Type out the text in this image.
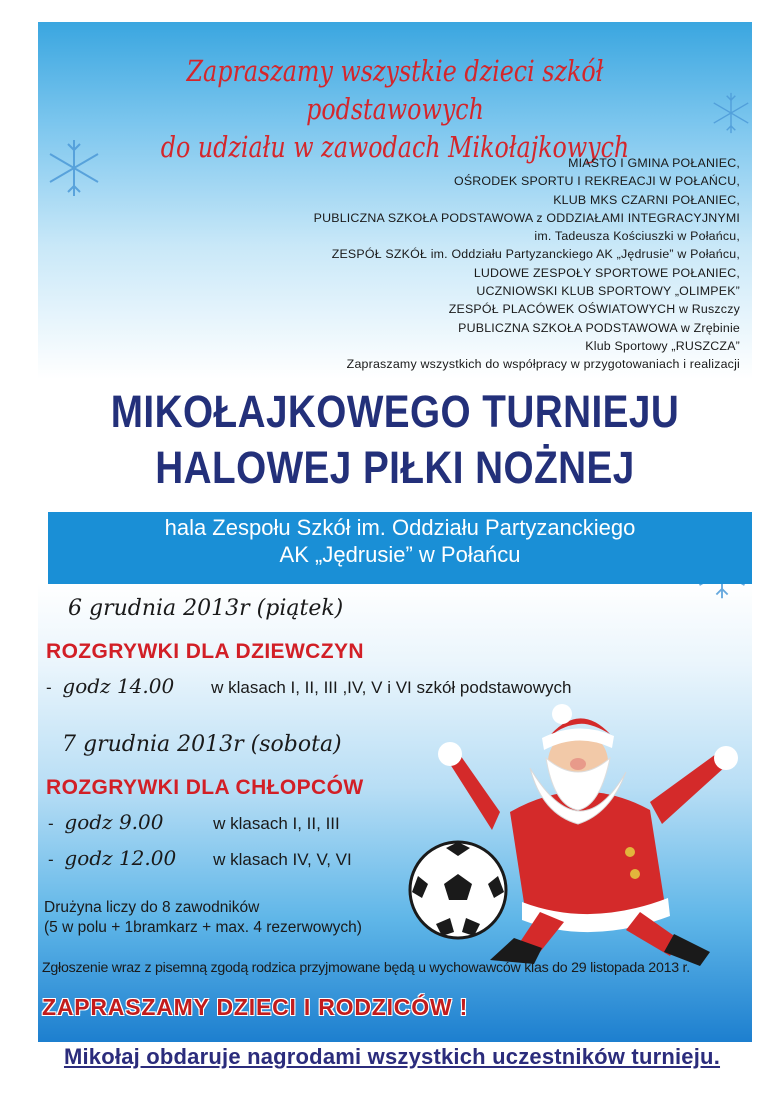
Zapraszamy wszystkie dzieci szkół podstawowych
do udziału w zawodach Mikołajkowych
MIASTO I GMINA POŁANIEC,
OŚRODEK SPORTU I REKREACJI W POŁAŃCU,
KLUB MKS CZARNI POŁANIEC,
PUBLICZNA SZKOŁA PODSTAWOWA z ODDZIAŁAMI INTEGRACYJNYMI
im. Tadeusza Kościuszki w Połańcu,
ZESPÓŁ SZKÓŁ im. Oddziału Partyzanckiego AK „Jędrusie” w Połańcu,
LUDOWE ZESPOŁY SPORTOWE POŁANIEC,
UCZNIOWSKI KLUB SPORTOWY „OLIMPEK”
ZESPÓŁ PLACÓWEK OŚWIATOWYCH w Ruszczy
PUBLICZNA SZKOŁA PODSTAWOWA w Zrębinie
Klub Sportowy „RUSZCZA”
Zapraszamy wszystkich do współpracy w przygotowaniach i realizacji
MIKOŁAJKOWEGO TURNIEJU
HALOWEJ PIŁKI NOŻNEJ
hala Zespołu Szkół im. Oddziału Partyzanckiego
AK „Jędrusie” w Połańcu
6 grudnia 2013r (piątek)
ROZGRYWKI DLA DZIEWCZYN
- godz 14.00 w klasach I, II, III ,IV, V i VI szkół podstawowych
7 grudnia 2013r (sobota)
ROZGRYWKI DLA CHŁOPCÓW
- godz 9.00	w klasach I, II, III
- godz 12.00 w klasach IV, V, VI
Drużyna liczy do 8 zawodników
(5 w polu + 1bramkarz + max. 4 rezerwowych)
Zgłoszenie wraz z pisemną zgodą rodzica przyjmowane będą u wychowawców klas do 29 listopada 2013 r.
ZAPRASZAMY DZIECI I RODZICÓW !
Mikołaj obdaruje nagrodami wszystkich uczestników turnieju.
